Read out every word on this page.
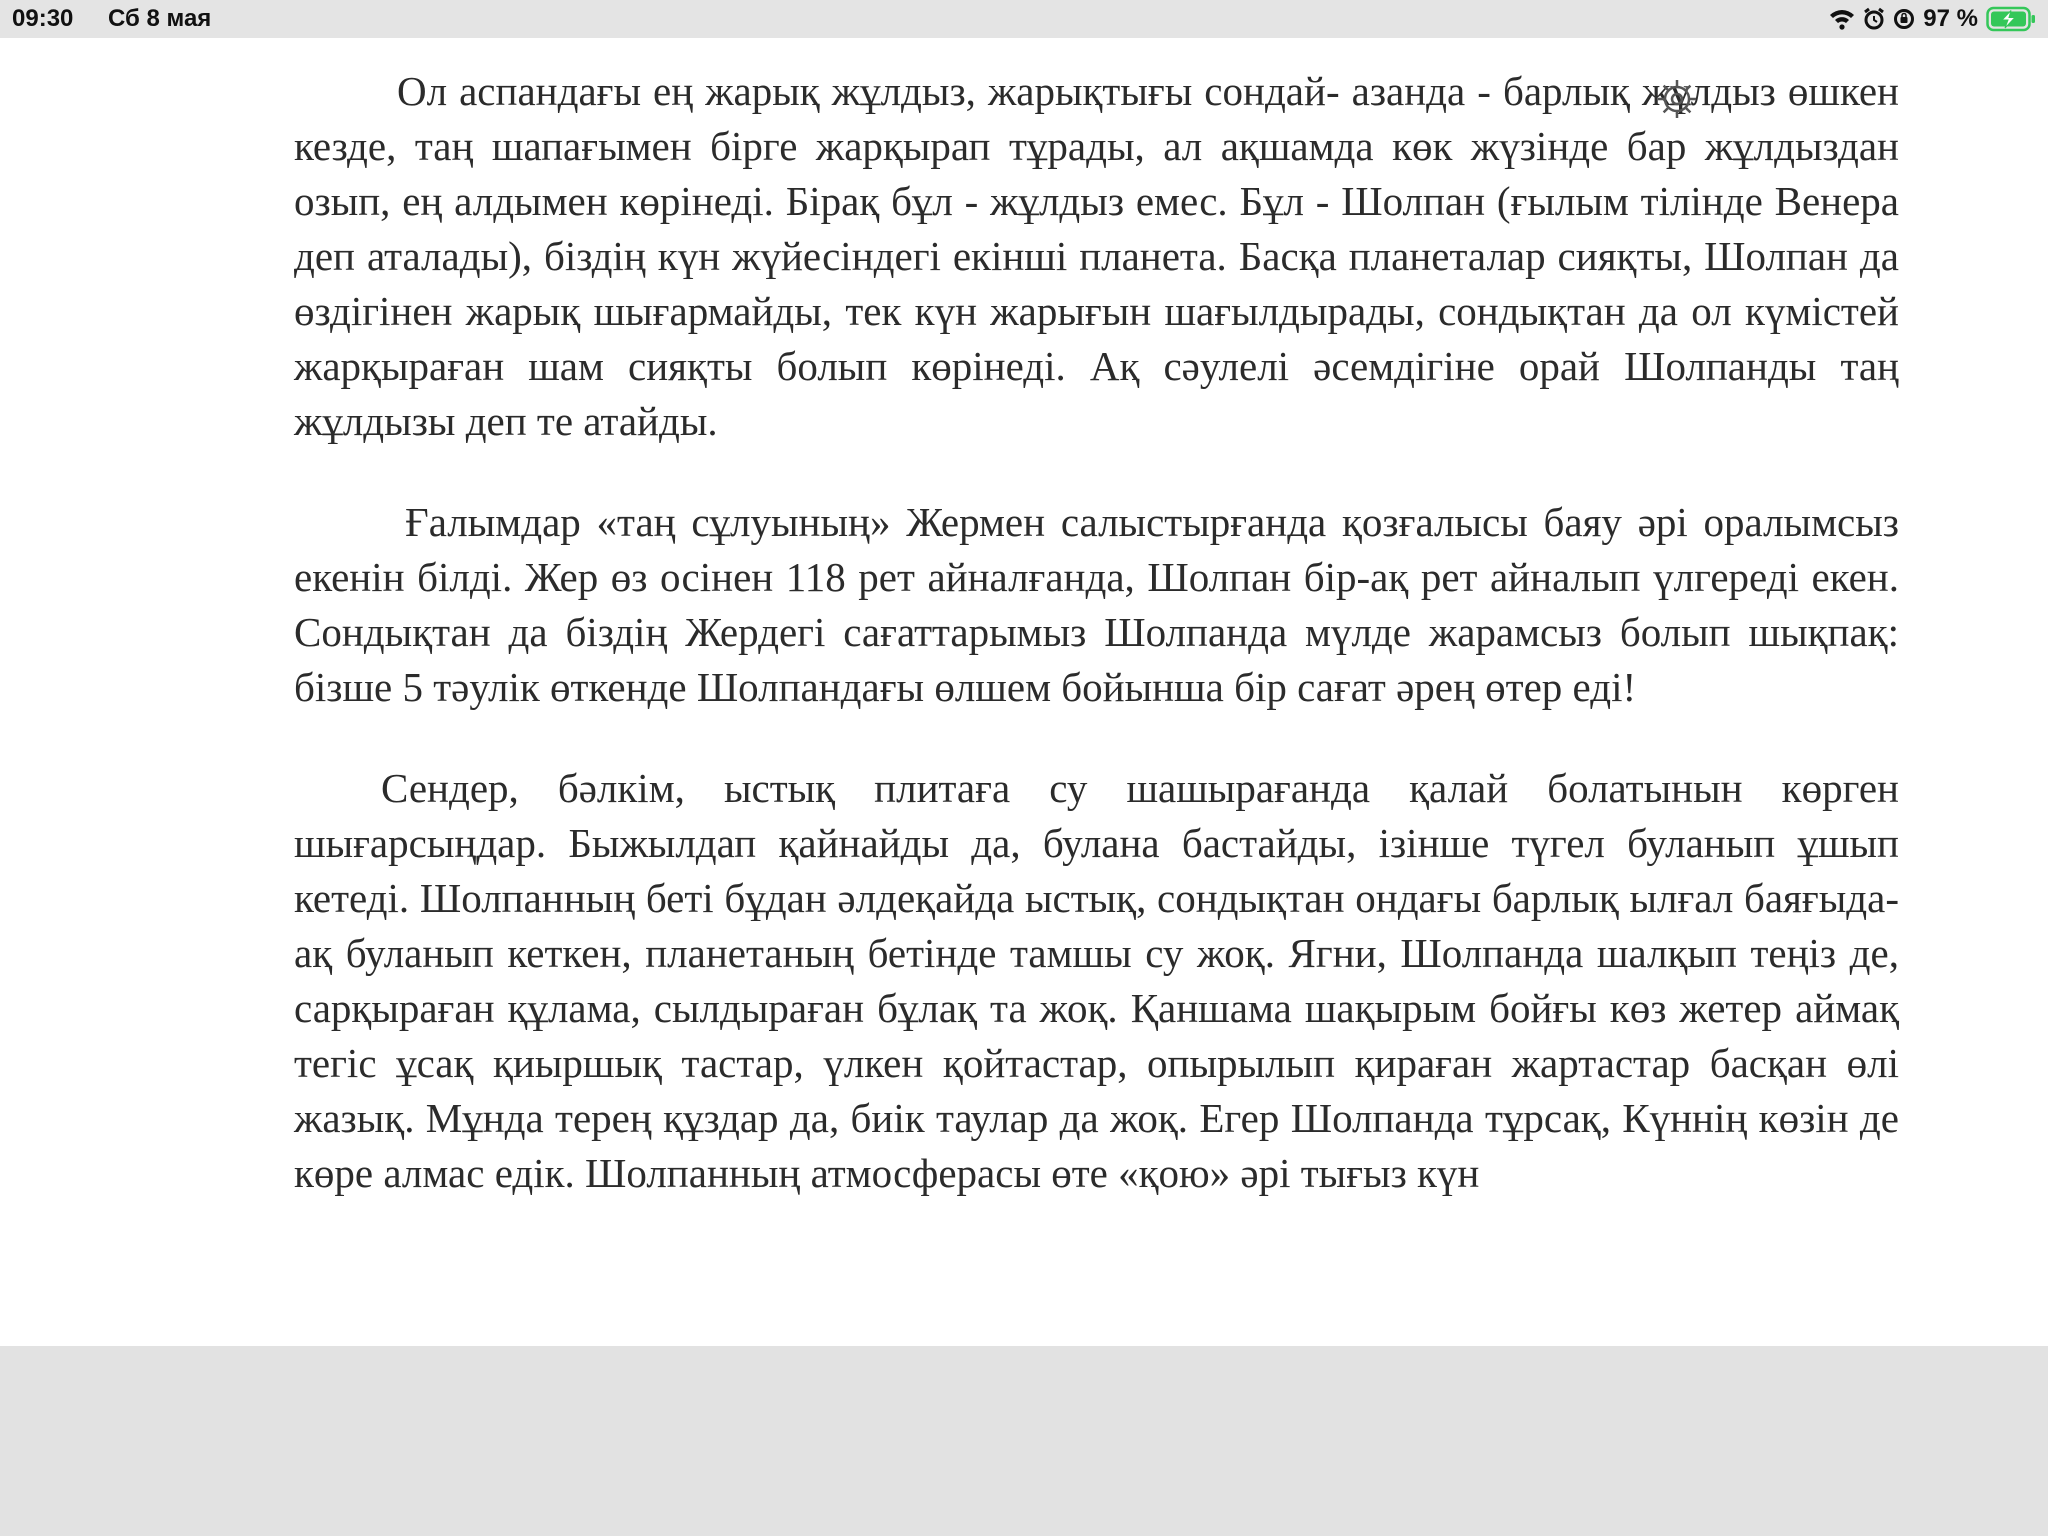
09:30 Сб 8 мая	97 %

Ол аспандағы ең жарық жұлдыз, жарықтығы сондай- азанда - барлық жұлдыз өшкен кезде, таң шапағымен бірге жарқырап тұрады, ал ақшамда көк жүзінде бар жұлдыздан озып, ең алдымен көрінеді. Бірақ бұл - жұлдыз емес. Бұл - Шолпан (ғылым тілінде Венера деп аталады), біздің күн жүйесіндегі екінші планета. Басқа планеталар сияқты, Шолпан да өздігінен жарық шығармайды, тек күн жарығын шағылдырады, сондықтан да ол күмістей жарқыраған шам сияқты болып көрінеді. Ақ сәулелі әсемдігіне орай Шолпанды таң жұлдызы деп те атайды.

Ғалымдар «таң сұлуының» Жермен салыстырғанда қозғалысы баяу әрі оралымсыз екенін білді. Жер өз осінен 118 рет айналғанда, Шолпан бір-ақ рет айналып үлгереді екен. Сондықтан да біздің Жердегі сағаттарымыз Шолпанда мүлде жарамсыз болып шықпақ: бізше 5 тәулік өткенде Шолпандағы өлшем бойынша бір сағат әрең өтер еді!

Сендер, бәлкім, ыстық плитаға су шашырағанда қалай болатынын көрген шығарсыңдар. Быжылдап қайнайды да, булана бастайды, ізінше түгел буланып ұшып кетеді. Шолпанның беті бұдан әлдеқайда ыстық, сондықтан ондағы барлық ылғал баяғыда-ақ буланып кеткен, планетаның бетінде тамшы су жоқ. Ягни, Шолпанда шалқып теңіз де, сарқыраған құлама, сылдыраған бұлақ та жоқ. Қаншама шақырым бойғы көз жетер аймақ тегіс ұсақ қиыршық тастар, үлкен қойтастар, опырылып қираған жартастар басқан өлі жазық. Мұнда терең құздар да, биік таулар да жоқ. Егер Шолпанда тұрсақ, Күннің көзін де көре алмас едік. Шолпанның атмосферасы өте «қою» әрі тығыз күн
